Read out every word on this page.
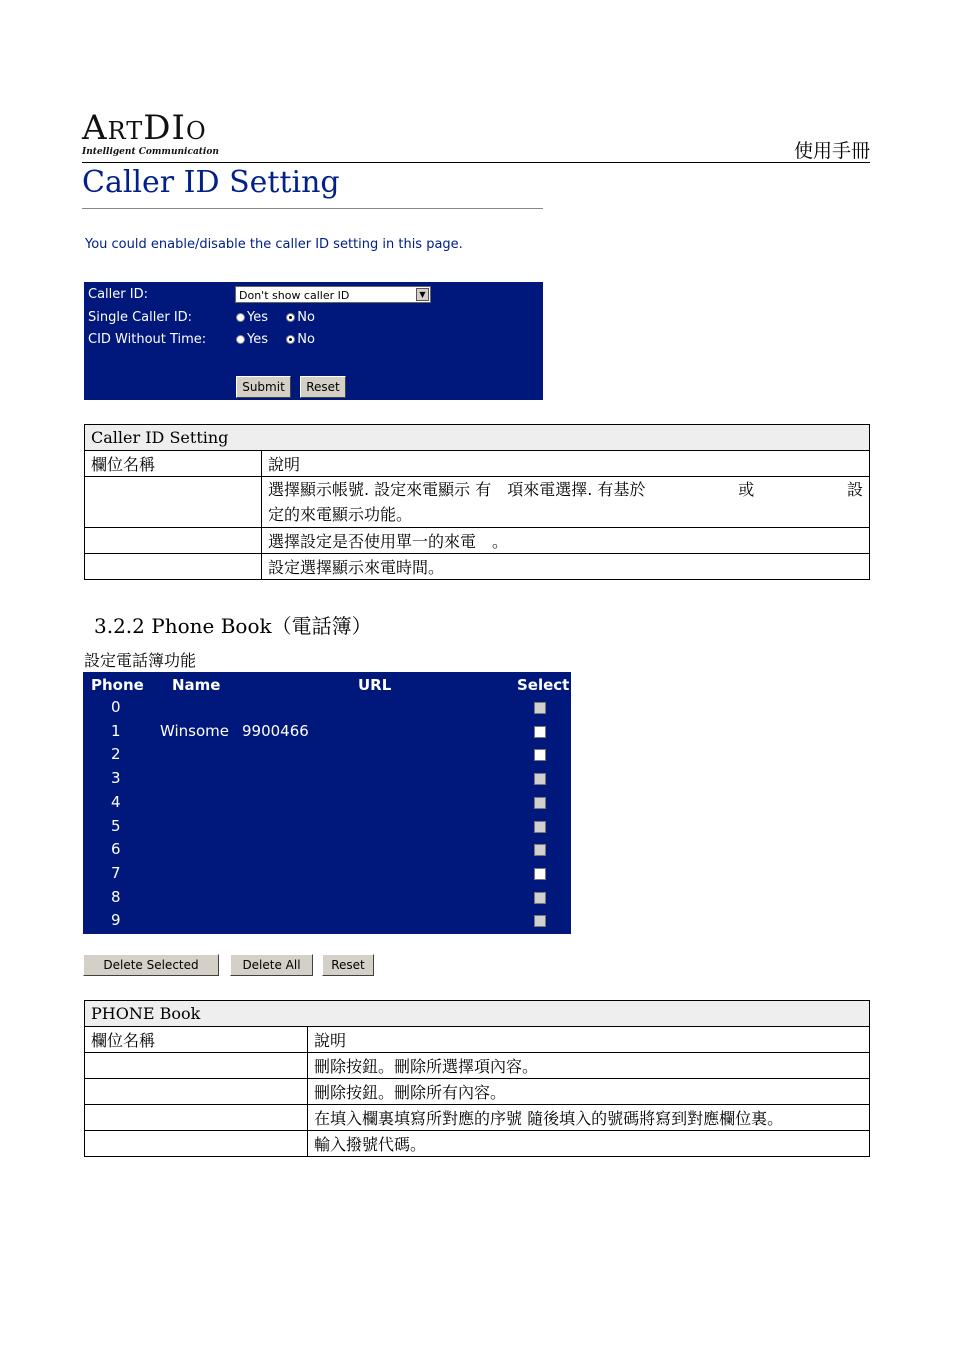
ARTDIO
Intelligent Communication	使用手冊
Caller ID Setting
You could enable/disable the caller ID setting in this page.
Caller ID:	Don't show caller ID	▼
Single Caller ID:	Yes No
CID Without Time:	Yes No
Submit	Reset
Caller ID Setting	
欄位名稱	說明

	選擇顯示帳號. 設定來電顯示 有　項來電選擇. 有基於 或 設
定的來電顯示功能。

	選擇設定是否使用單一的來電　。
	設定選擇顯示來電時間。
3.2.2 Phone Book（電話簿）
設定電話簿功能
Phone Name	URL	Select
0
1	Winsome 9900466
2
3
4
5
6
7
8
9
Delete Selected	Delete All	Reset
PHONE Book	
欄位名稱	說明
	刪除按鈕。刪除所選擇項內容。
	刪除按鈕。刪除所有內容。
	在填入欄裏填寫所對應的序號 隨後填入的號碼將寫到對應欄位裏。
	輸入撥號代碼。
